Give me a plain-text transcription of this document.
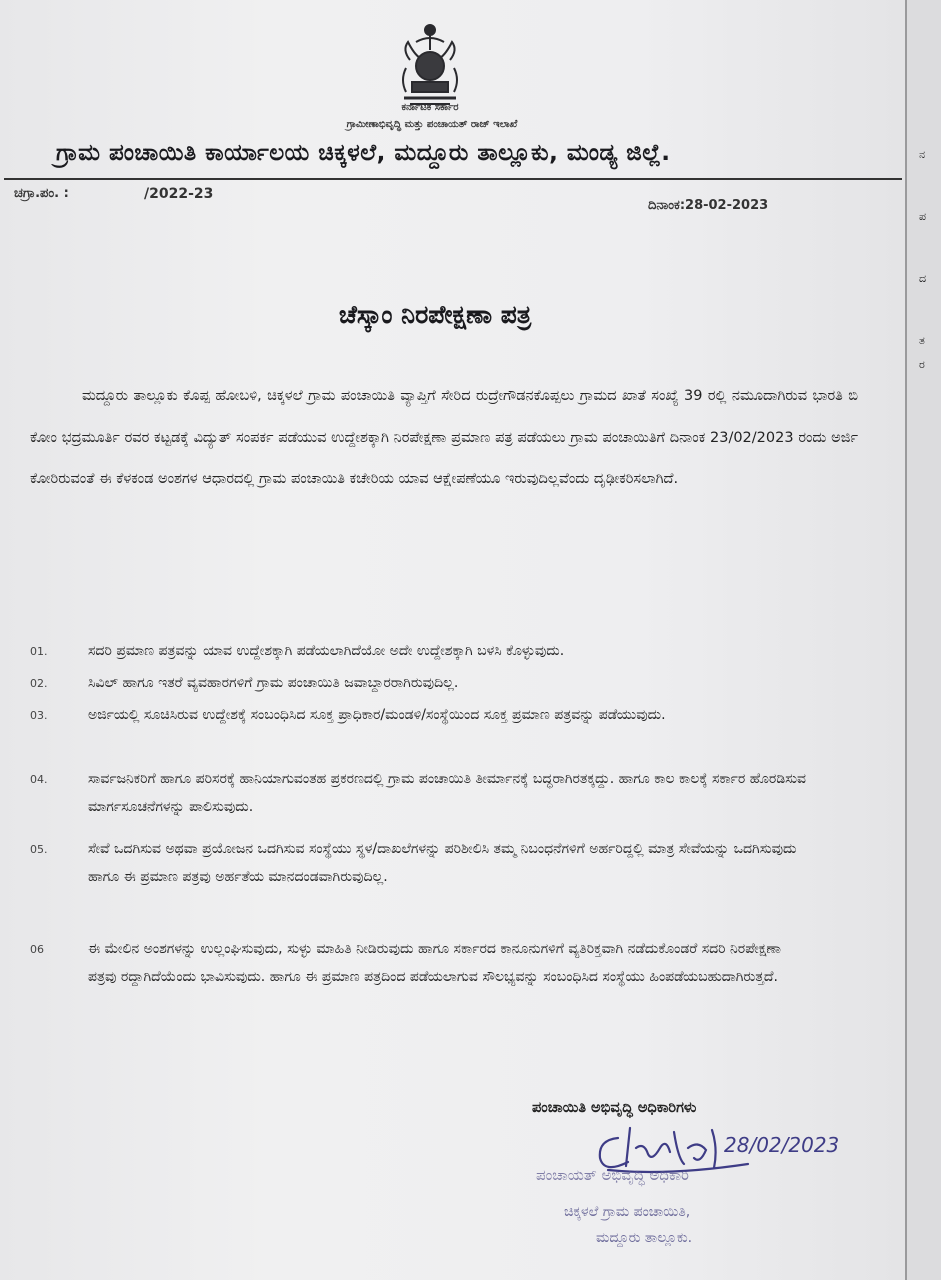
ನ
ಪ
ದ
ತ
ರ
ಕರ್ನಾಟಕ ಸರ್ಕಾರ
ಗ್ರಾಮೀಣಾಭಿವೃದ್ಧಿ ಮತ್ತು ಪಂಚಾಯತ್ ರಾಜ್ ಇಲಾಖೆ
ಗ್ರಾಮ ಪಂಚಾಯಿತಿ ಕಾರ್ಯಾಲಯ ಚಿಕ್ಕಳಲೆ, ಮದ್ದೂರು ತಾಲ್ಲೂಕು, ಮಂಡ್ಯ ಜಿಲ್ಲೆ.
ಚಗ್ರಾ.ಪಂ. :	/2022-23
ದಿನಾಂಕ:28-02-2023
ಚೆಸ್ಕಾಂ ನಿರಪೇಕ್ಷಣಾ ಪತ್ರ
ಮದ್ದೂರು ತಾಲ್ಲೂಕು ಕೊಪ್ಪ ಹೋಬಳಿ, ಚಿಕ್ಕಳಲೆ ಗ್ರಾಮ ಪಂಚಾಯಿತಿ ವ್ಯಾಪ್ತಿಗೆ ಸೇರಿದ ರುದ್ರೇಗೌಡನಕೊಪ್ಪಲು ಗ್ರಾಮದ ಖಾತೆ ಸಂಖ್ಯೆ 39 ರಲ್ಲಿ ನಮೂದಾಗಿರುವ ಭಾರತಿ ಬಿ ಕೋಂ ಭದ್ರಮೂರ್ತಿ ರವರ ಕಟ್ಟಡಕ್ಕೆ ವಿದ್ಯುತ್ ಸಂಪರ್ಕ ಪಡೆಯುವ ಉದ್ದೇಶಕ್ಕಾಗಿ ನಿರಪೇಕ್ಷಣಾ ಪ್ರಮಾಣ ಪತ್ರ ಪಡೆಯಲು ಗ್ರಾಮ ಪಂಚಾಯಿತಿಗೆ ದಿನಾಂಕ 23/02/2023 ರಂದು ಅರ್ಜಿ ಕೋರಿರುವಂತೆ ಈ ಕೆಳಕಂಡ ಅಂಶಗಳ ಆಧಾರದಲ್ಲಿ ಗ್ರಾಮ ಪಂಚಾಯಿತಿ ಕಚೇರಿಯ ಯಾವ ಆಕ್ಷೇಪಣೆಯೂ ಇರುವುದಿಲ್ಲವೆಂದು ದೃಢೀಕರಿಸಲಾಗಿದೆ.
01.	ಸದರಿ ಪ್ರಮಾಣ ಪತ್ರವನ್ನು ಯಾವ ಉದ್ದೇಶಕ್ಕಾಗಿ ಪಡೆಯಲಾಗಿದೆಯೋ ಅದೇ ಉದ್ದೇಶಕ್ಕಾಗಿ ಬಳಸಿ ಕೊಳ್ಳುವುದು.
02.	ಸಿವಿಲ್ ಹಾಗೂ ಇತರೆ ವ್ಯವಹಾರಗಳಿಗೆ ಗ್ರಾಮ ಪಂಚಾಯಿತಿ ಜವಾಬ್ದಾರರಾಗಿರುವುದಿಲ್ಲ.
03.	ಅರ್ಜಿಯಲ್ಲಿ ಸೂಚಿಸಿರುವ ಉದ್ದೇಶಕ್ಕೆ ಸಂಬಂಧಿಸಿದ ಸೂಕ್ತ ಪ್ರಾಧಿಕಾರ/ಮಂಡಳಿ/ಸಂಸ್ಥೆಯಿಂದ ಸೂಕ್ತ ಪ್ರಮಾಣ ಪತ್ರವನ್ನು ಪಡೆಯುವುದು.
04.	ಸಾರ್ವಜನಿಕರಿಗೆ ಹಾಗೂ ಪರಿಸರಕ್ಕೆ ಹಾನಿಯಾಗುವಂತಹ ಪ್ರಕರಣದಲ್ಲಿ ಗ್ರಾಮ ಪಂಚಾಯಿತಿ ತೀರ್ಮಾನಕ್ಕೆ ಬದ್ಧರಾಗಿರತಕ್ಕದ್ದು. ಹಾಗೂ ಕಾಲ ಕಾಲಕ್ಕೆ ಸರ್ಕಾರ ಹೊರಡಿಸುವ ಮಾರ್ಗಸೂಚನೆಗಳನ್ನು ಪಾಲಿಸುವುದು.
05.	ಸೇವೆ ಒದಗಿಸುವ ಅಥವಾ ಪ್ರಯೋಜನ ಒದಗಿಸುವ ಸಂಸ್ಥೆಯು ಸ್ಥಳ/ದಾಖಲೆಗಳನ್ನು ಪರಿಶೀಲಿಸಿ ತಮ್ಮ ನಿಬಂಧನೆಗಳಿಗೆ ಅರ್ಹರಿದ್ದಲ್ಲಿ ಮಾತ್ರ ಸೇವೆಯನ್ನು ಒದಗಿಸುವುದು ಹಾಗೂ ಈ ಪ್ರಮಾಣ ಪತ್ರವು ಅರ್ಹತೆಯ ಮಾನದಂಡವಾಗಿರುವುದಿಲ್ಲ.
06	ಈ ಮೇಲಿನ ಅಂಶಗಳನ್ನು ಉಲ್ಲಂಘಿಸುವುದು, ಸುಳ್ಳು ಮಾಹಿತಿ ನೀಡಿರುವುದು ಹಾಗೂ ಸರ್ಕಾರದ ಕಾನೂನುಗಳಿಗೆ ವ್ಯತಿರಿಕ್ತವಾಗಿ ನಡೆದುಕೊಂಡರೆ ಸದರಿ ನಿರಪೇಕ್ಷಣಾ ಪತ್ರವು ರದ್ದಾಗಿದೆಯೆಂದು ಭಾವಿಸುವುದು. ಹಾಗೂ ಈ ಪ್ರಮಾಣ ಪತ್ರದಿಂದ ಪಡೆಯಲಾಗುವ ಸೌಲಭ್ಯವನ್ನು ಸಂಬಂಧಿಸಿದ ಸಂಸ್ಥೆಯು ಹಿಂಪಡೆಯಬಹುದಾಗಿರುತ್ತದೆ.
ಪಂಚಾಯಿತಿ ಅಭಿವೃದ್ಧಿ ಅಧಿಕಾರಿಗಳು
28/02/2023
ಪಂಚಾಯತ್ ಅಭಿವೃದ್ಧಿ ಅಧಿಕಾರಿ
ಚಿಕ್ಕಳಲೆ ಗ್ರಾಮ ಪಂಚಾಯಿತಿ,
ಮದ್ದೂರು ತಾಲ್ಲೂಕು.
